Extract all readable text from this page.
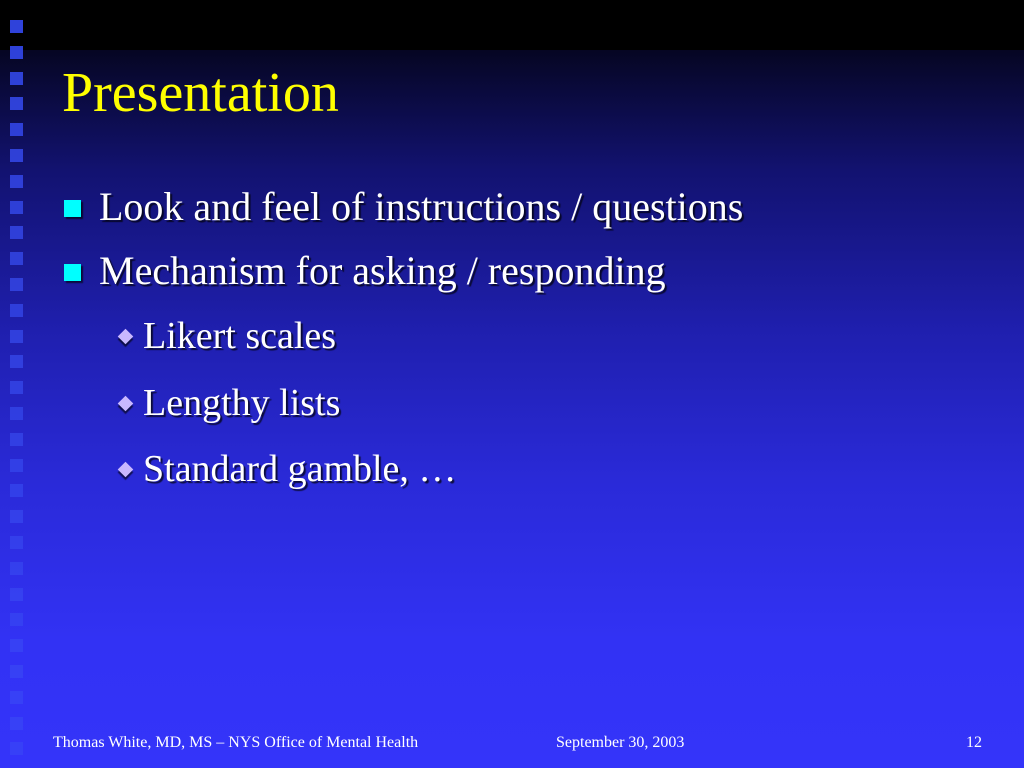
Presentation
Look and feel of instructions / questions
Mechanism for asking / responding
Likert scales
Lengthy lists
Standard gamble, …
Thomas White, MD, MS – NYS Office of Mental Health	September 30, 2003	12
